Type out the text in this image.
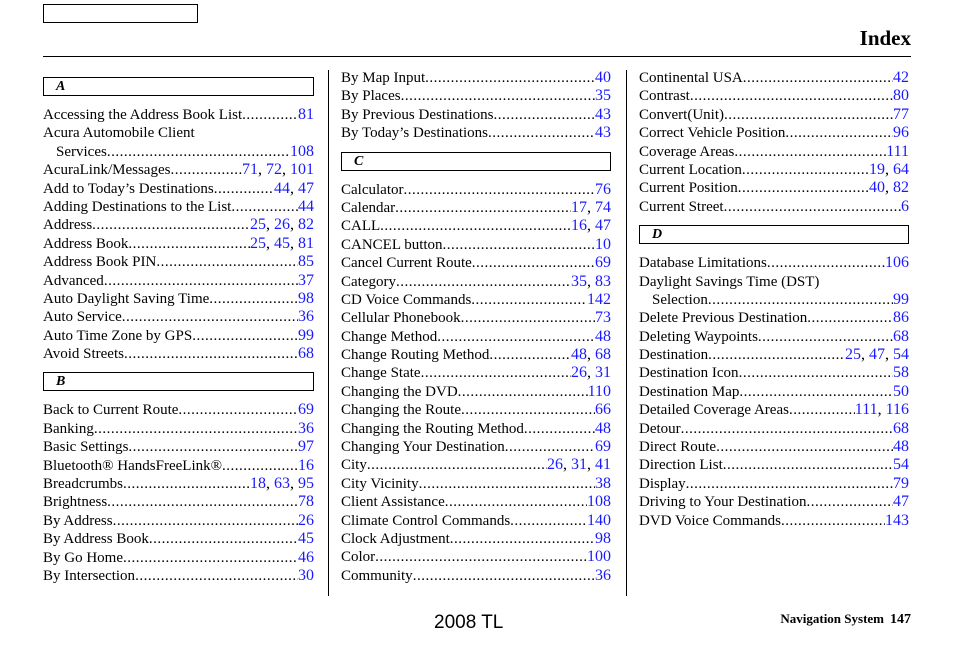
Index
A
Accessing the Address Book List .....	81
Acura Automobile Client
Services .....	108
AcuraLink/Messages .....	71, 72, 101
Add to Today’s Destinations .....	44, 47
Adding Destinations to the List .....	44
Address .....	25, 26, 82
Address Book .....	25, 45, 81
Address Book PIN .....	85
Advanced .....	37
Auto Daylight Saving Time .....	98
Auto Service .....	36
Auto Time Zone by GPS .....	99
Avoid Streets .....	68
B
Back to Current Route .....	69
Banking .....	36
Basic Settings .....	97
Bluetooth® HandsFreeLink® .....	16
Breadcrumbs .....	18, 63, 95
Brightness .....	78
By Address .....	26
By Address Book .....	45
By Go Home .....	46
By Intersection .....	30
By Map Input .....	40
By Places .....	35
By Previous Destinations .....	43
By Today’s Destinations .....	43
C
Calculator .....	76
Calendar .....	17, 74
CALL .....	16, 47
CANCEL button .....	10
Cancel Current Route .....	69
Category .....	35, 83
CD Voice Commands .....	142
Cellular Phonebook .....	73
Change Method .....	48
Change Routing Method .....	48, 68
Change State .....	26, 31
Changing the DVD .....	110
Changing the Route .....	66
Changing the Routing Method .....	48
Changing Your Destination .....	69
City .....	26, 31, 41
City Vicinity .....	38
Client Assistance .....	108
Climate Control Commands .....	140
Clock Adjustment .....	98
Color .....	100
Community .....	36
Continental USA .....	42
Contrast .....	80
Convert(Unit) .....	77
Correct Vehicle Position .....	96
Coverage Areas .....	111
Current Location .....	19, 64
Current Position .....	40, 82
Current Street .....	6
D
Database Limitations .....	106
Daylight Savings Time (DST)
Selection .....	99
Delete Previous Destination .....	86
Deleting Waypoints .....	68
Destination .....	25, 47, 54
Destination Icon .....	58
Destination Map .....	50
Detailed Coverage Areas .....	111, 116
Detour .....	68
Direct Route .....	48
Direction List .....	54
Display .....	79
Driving to Your Destination .....	47
DVD Voice Commands .....	143
2008 TL	Navigation System 147
